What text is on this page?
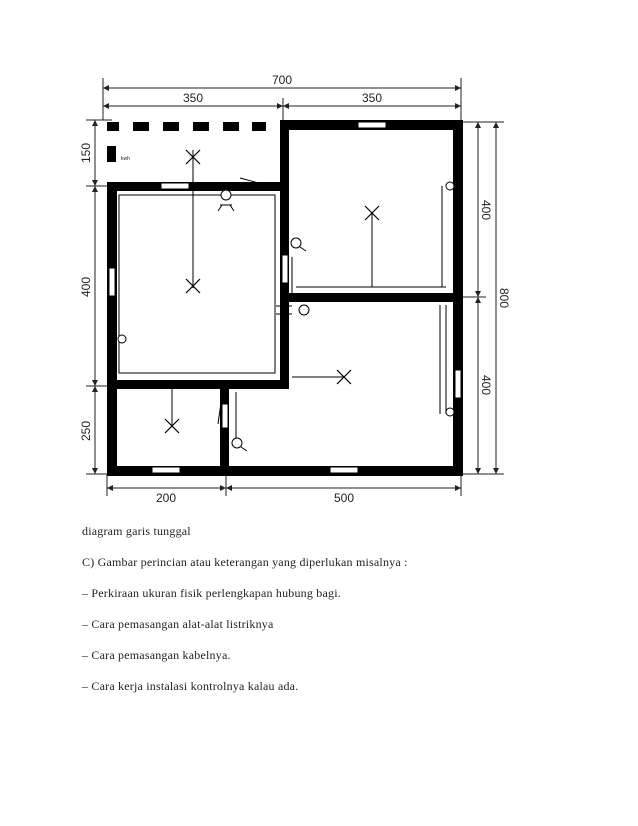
700
350	350
200	500
150
400
250
400
400
800
kwh
diagram garis tunggal
C) Gambar perincian atau keterangan yang diperlukan misalnya :
– Perkiraan ukuran fisik perlengkapan hubung bagi.
– Cara pemasangan alat-alat listriknya
– Cara pemasangan kabelnya.
– Cara kerja instalasi kontrolnya kalau ada.
